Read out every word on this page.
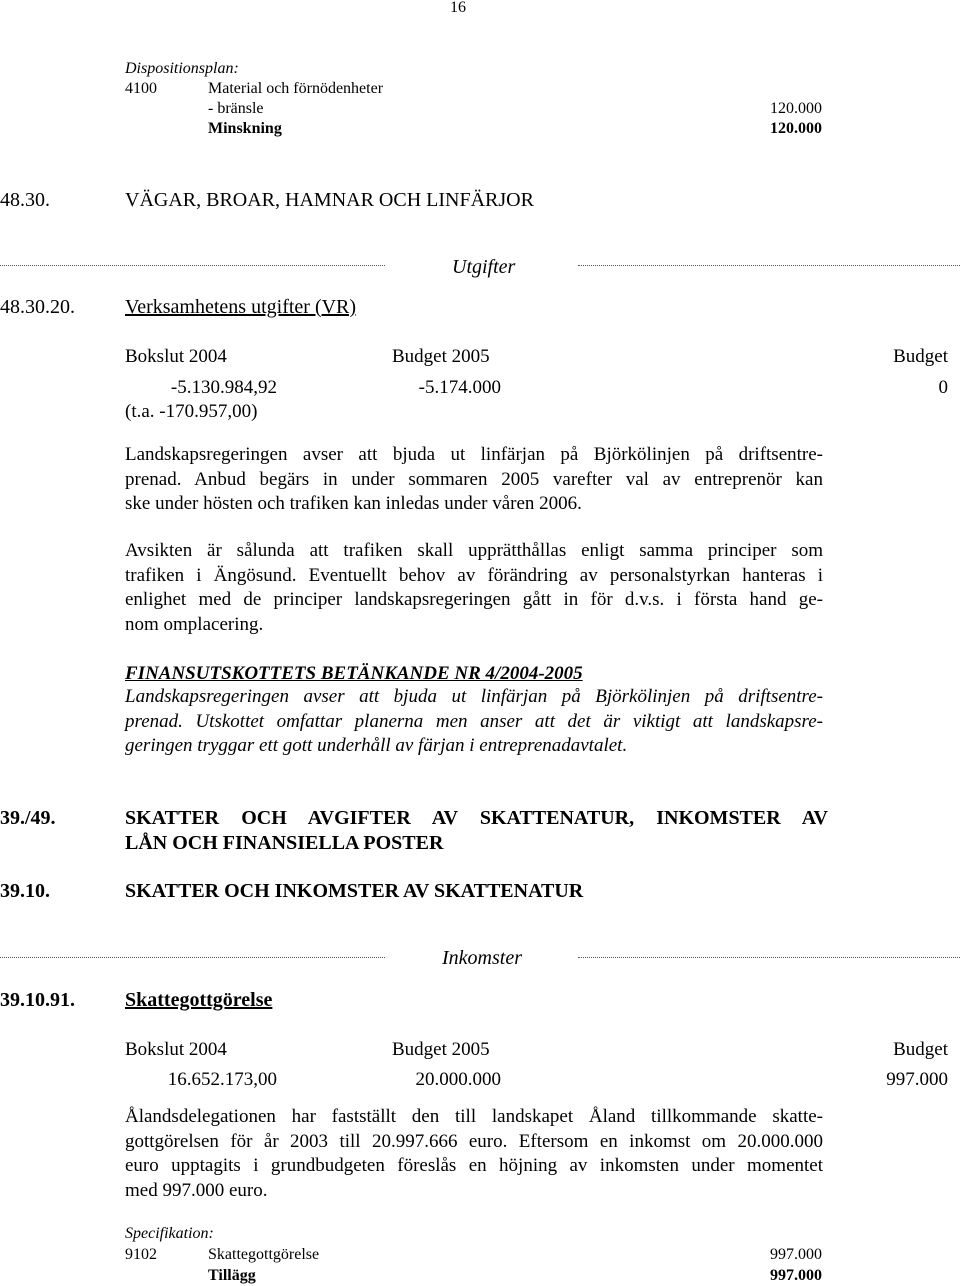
16
Dispositionsplan:
4100	Material och förnödenheter
- bränsle	120.000
Minskning	120.000
48.30.	VÄGAR, BROAR, HAMNAR OCH LINFÄRJOR
Utgifter
48.30.20.	Verksamhetens utgifter (VR)
Bokslut 2004	Budget 2005	Budget
-5.130.984,92	-5.174.000	0
(t.a. -170.957,00)
Landskapsregeringen avser att bjuda ut linfärjan på Björkölinjen på driftsentre-
prenad. Anbud begärs in under sommaren 2005 varefter val av entreprenör kan
ske under hösten och trafiken kan inledas under våren 2006.
Avsikten är sålunda att trafiken skall upprätthållas enligt samma principer som
trafiken i Ängösund. Eventuellt behov av förändring av personalstyrkan hanteras i
enlighet med de principer landskapsregeringen gått in för d.v.s. i första hand ge-
nom omplacering.
FINANSUTSKOTTETS BETÄNKANDE NR 4/2004-2005
Landskapsregeringen avser att bjuda ut linfärjan på Björkölinjen på driftsentre-
prenad. Utskottet omfattar planerna men anser att det är viktigt att landskapsre-
geringen tryggar ett gott underhåll av färjan i entreprenadavtalet.
39./49.	SKATTER OCH AVGIFTER AV SKATTENATUR, INKOMSTER AV
LÅN OCH FINANSIELLA POSTER
39.10.	SKATTER OCH INKOMSTER AV SKATTENATUR
Inkomster
39.10.91.	Skattegottgörelse
Bokslut 2004	Budget 2005	Budget
16.652.173,00	20.000.000	997.000
Ålandsdelegationen har fastställt den till landskapet Åland tillkommande skatte-
gottgörelsen för år 2003 till 20.997.666 euro. Eftersom en inkomst om 20.000.000
euro upptagits i grundbudgeten föreslås en höjning av inkomsten under momentet
med 997.000 euro.
Specifikation:
9102	Skattegottgörelse	997.000
Tillägg	997.000
